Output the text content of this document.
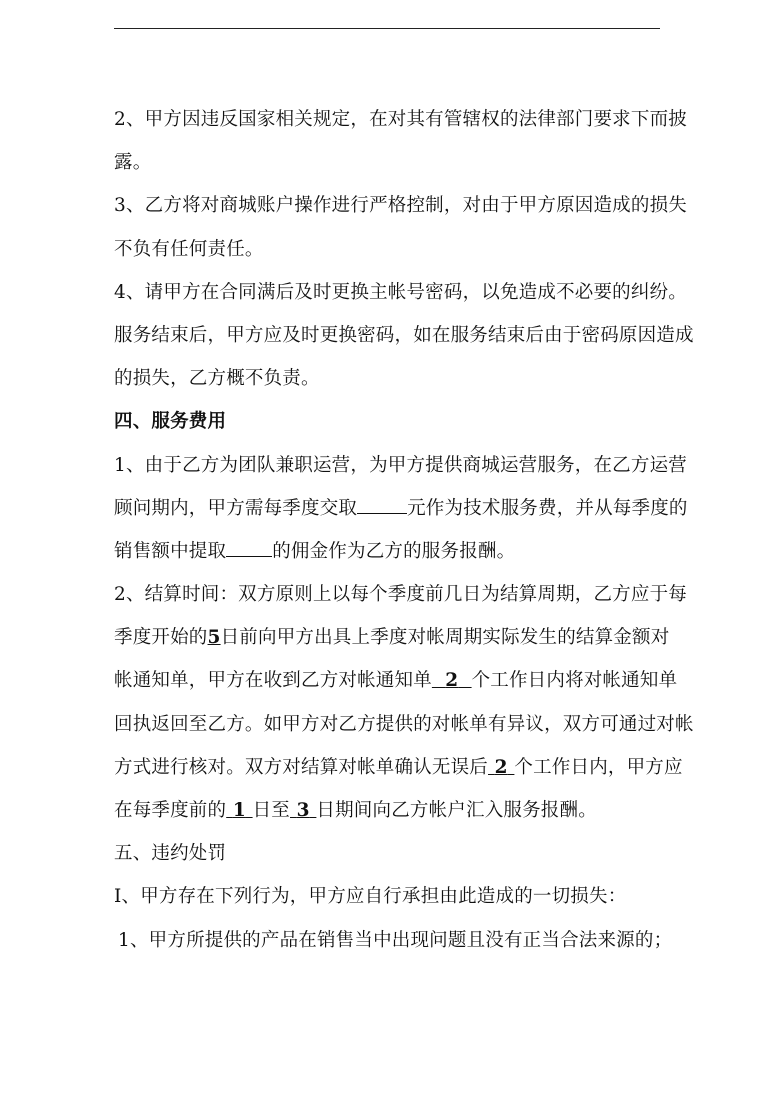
2、甲方因违反国家相关规定，在对其有管辖权的法律部门要求下而披
露。
3、乙方将对商城账户操作进行严格控制，对由于甲方原因造成的损失
不负有任何责任。
4、请甲方在合同满后及时更换主帐号密码，以免造成不必要的纠纷。
服务结束后，甲方应及时更换密码，如在服务结束后由于密码原因造成
的损失，乙方概不负责。
四、服务费用
1、由于乙方为团队兼职运营，为甲方提供商城运营服务，在乙方运营
顾问期内，甲方需每季度交取	元作为技术服务费，并从每季度的
销售额中提取 的佣金作为乙方的服务报酬。
2、结算时间：双方原则上以每个季度前几日为结算周期，乙方应于每
季度开始的5日前向甲方出具上季度对帐周期实际发生的结算金额对
帐通知单，甲方在收到乙方对帐通知单 2 个工作日内将对帐通知单
回执返回至乙方。如甲方对乙方提供的对帐单有异议，双方可通过对帐
方式进行核对。双方对结算对帐单确认无误后 2 个工作日内，甲方应
在每季度前的 1 日至 3 日期间向乙方帐户汇入服务报酬。
五、违约处罚
I、甲方存在下列行为，甲方应自行承担由此造成的一切损失：
1、甲方所提供的产品在销售当中出现问题且没有正当合法来源的；
